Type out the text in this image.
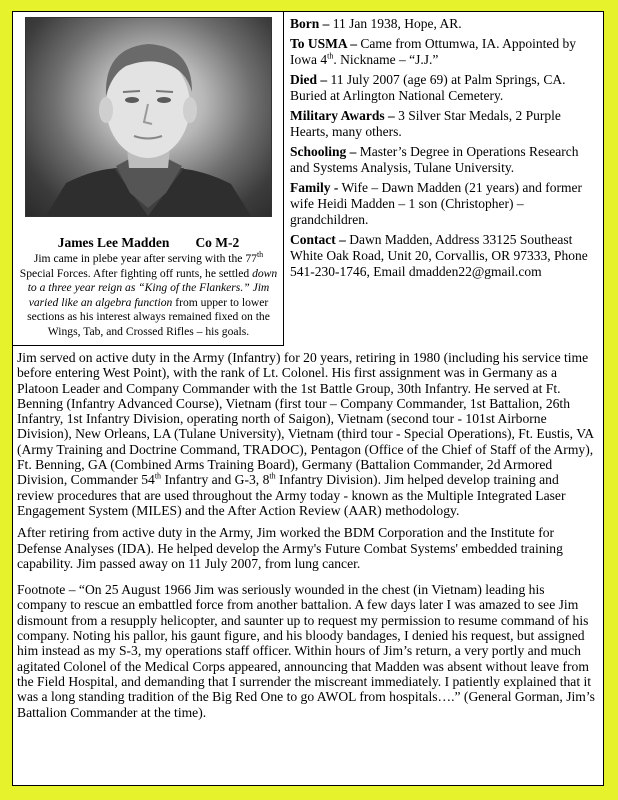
James Lee Madden Co M-2

Jim came in plebe year after serving with the 77th Special Forces. After fighting off runts, he settled down to a three year reign as “King of the Flankers.” Jim varied like an algebra function from upper to lower sections as his interest always remained fixed on the Wings, Tab, and Crossed Rifles – his goals.

Born – 11 Jan 1938, Hope, AR.

To USMA – Came from Ottumwa, IA. Appointed by Iowa 4th. Nickname – “J.J.”

Died – 11 July 2007 (age 69) at Palm Springs, CA. Buried at Arlington National Cemetery.

Military Awards – 3 Silver Star Medals, 2 Purple Hearts, many others.

Schooling – Master’s Degree in Operations Research and Systems Analysis, Tulane University.

Family - Wife – Dawn Madden (21 years) and former wife Heidi Madden – 1 son (Christopher) – grandchildren.

Contact – Dawn Madden, Address 33125 Southeast White Oak Road, Unit 20, Corvallis, OR 97333, Phone 541-230-1746, Email dmadden22@gmail.com

Jim served on active duty in the Army (Infantry) for 20 years, retiring in 1980 (including his service time before entering West Point), with the rank of Lt. Colonel. His first assignment was in Germany as a Platoon Leader and Company Commander with the 1st Battle Group, 30th Infantry. He served at Ft. Benning (Infantry Advanced Course), Vietnam (first tour – Company Commander, 1st Battalion, 26th Infantry, 1st Infantry Division, operating north of Saigon), Vietnam (second tour - 101st Airborne Division), New Orleans, LA (Tulane University), Vietnam (third tour - Special Operations), Ft. Eustis, VA (Army Training and Doctrine Command, TRADOC), Pentagon (Office of the Chief of Staff of the Army), Ft. Benning, GA (Combined Arms Training Board), Germany (Battalion Commander, 2d Armored Division, Commander 54th Infantry and G-3, 8th Infantry Division). Jim helped develop training and review procedures that are used throughout the Army today - known as the Multiple Integrated Laser Engagement System (MILES) and the After Action Review (AAR) methodology.

After retiring from active duty in the Army, Jim worked the BDM Corporation and the Institute for Defense Analyses (IDA). He helped develop the Army's Future Combat Systems' embedded training capability. Jim passed away on 11 July 2007, from lung cancer.

Footnote – “On 25 August 1966 Jim was seriously wounded in the chest (in Vietnam) leading his company to rescue an embattled force from another battalion. A few days later I was amazed to see Jim dismount from a resupply helicopter, and saunter up to request my permission to resume command of his company. Noting his pallor, his gaunt figure, and his bloody bandages, I denied his request, but assigned him instead as my S-3, my operations staff officer. Within hours of Jim’s return, a very portly and much agitated Colonel of the Medical Corps appeared, announcing that Madden was absent without leave from the Field Hospital, and demanding that I surrender the miscreant immediately. I patiently explained that it was a long standing tradition of the Big Red One to go AWOL from hospitals….” (General Gorman, Jim’s Battalion Commander at the time).
